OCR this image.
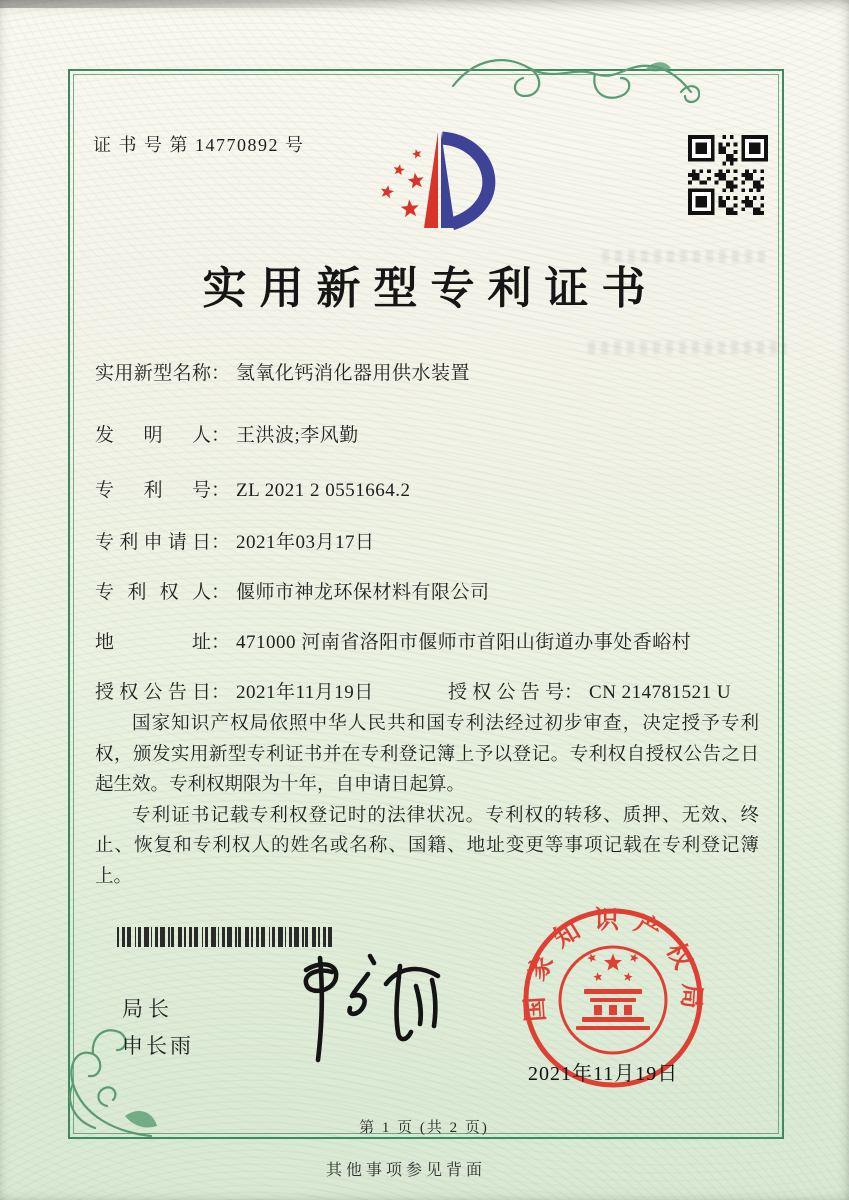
证 书 号 第 14770892 号
实用新型专利证书
实用新型名称： 氢氧化钙消化器用供水装置
发明人： 王洪波;李风勤
专利号： ZL 2021 2 0551664.2
专利申请日： 2021年03月17日
专利权人： 偃师市神龙环保材料有限公司
地址： 471000 河南省洛阳市偃师市首阳山街道办事处香峪村
授权公告日： 2021年11月19日	授权公告号： CN 214781521 U

国家知识产权局依照中华人民共和国专利法经过初步审查，决定授予专利权，颁发实用新型专利证书并在专利登记簿上予以登记。专利权自授权公告之日起生效。专利权期限为十年，自申请日起算。

专利证书记载专利权登记时的法律状况。专利权的转移、质押、无效、终止、恢复和专利权人的姓名或名称、国籍、地址变更等事项记载在专利登记簿上。

局长
申长雨
国家知识产权局
2021年11月19日
第 1 页 (共 2 页)
其他事项参见背面
